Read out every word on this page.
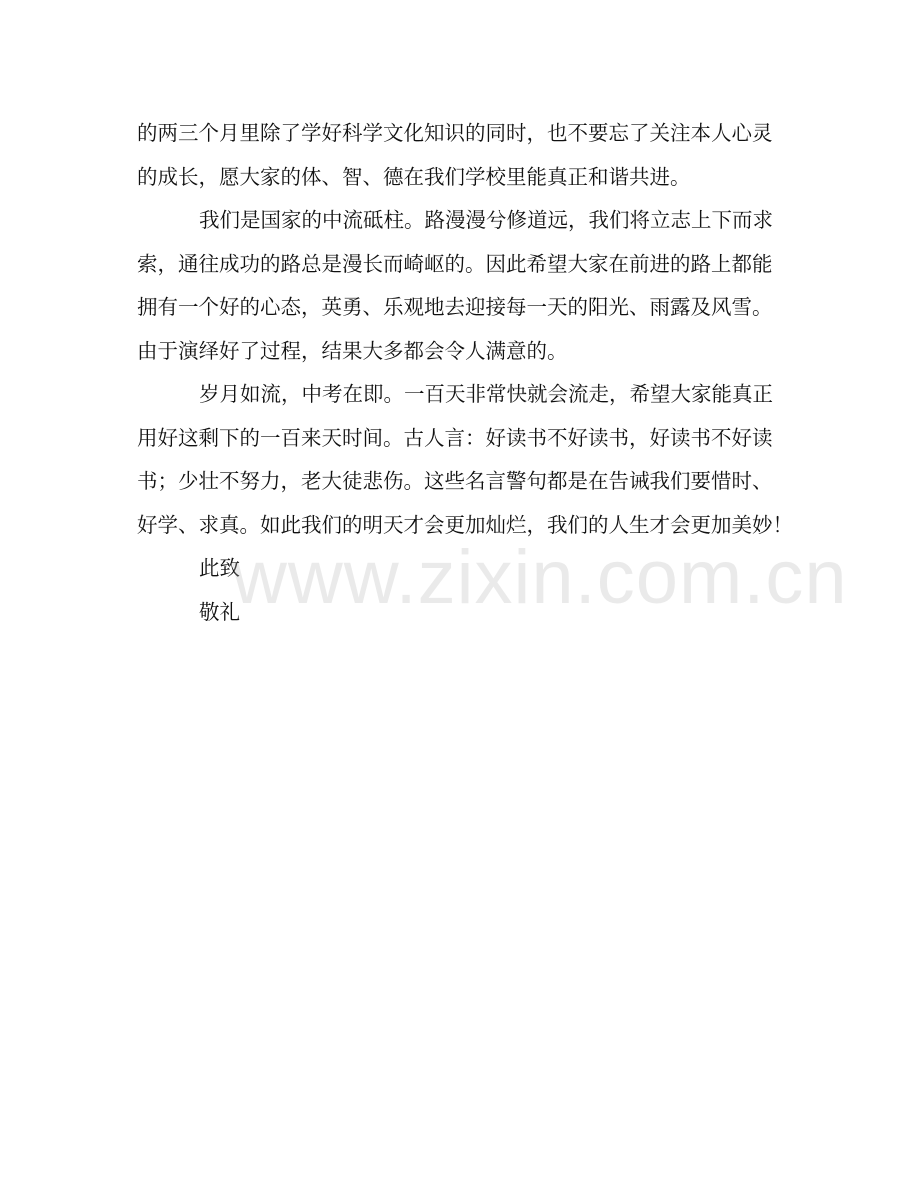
的两三个月里除了学好科学文化知识的同时，也不要忘了关注本人心灵
的成长，愿大家的体、智、德在我们学校里能真正和谐共进。
我们是国家的中流砥柱。路漫漫兮修道远，我们将立志上下而求
索，通往成功的路总是漫长而崎岖的。因此希望大家在前进的路上都能
拥有一个好的心态，英勇、乐观地去迎接每一天的阳光、雨露及风雪。
由于演绎好了过程，结果大多都会令人满意的。
岁月如流，中考在即。一百天非常快就会流走，希望大家能真正
用好这剩下的一百来天时间。古人言：好读书不好读书，好读书不好读
书；少壮不努力，老大徒悲伤。这些名言警句都是在告诫我们要惜时、
好学、求真。如此我们的明天才会更加灿烂，我们的人生才会更加美妙！
此致
敬礼
www.zixin.com.cn
